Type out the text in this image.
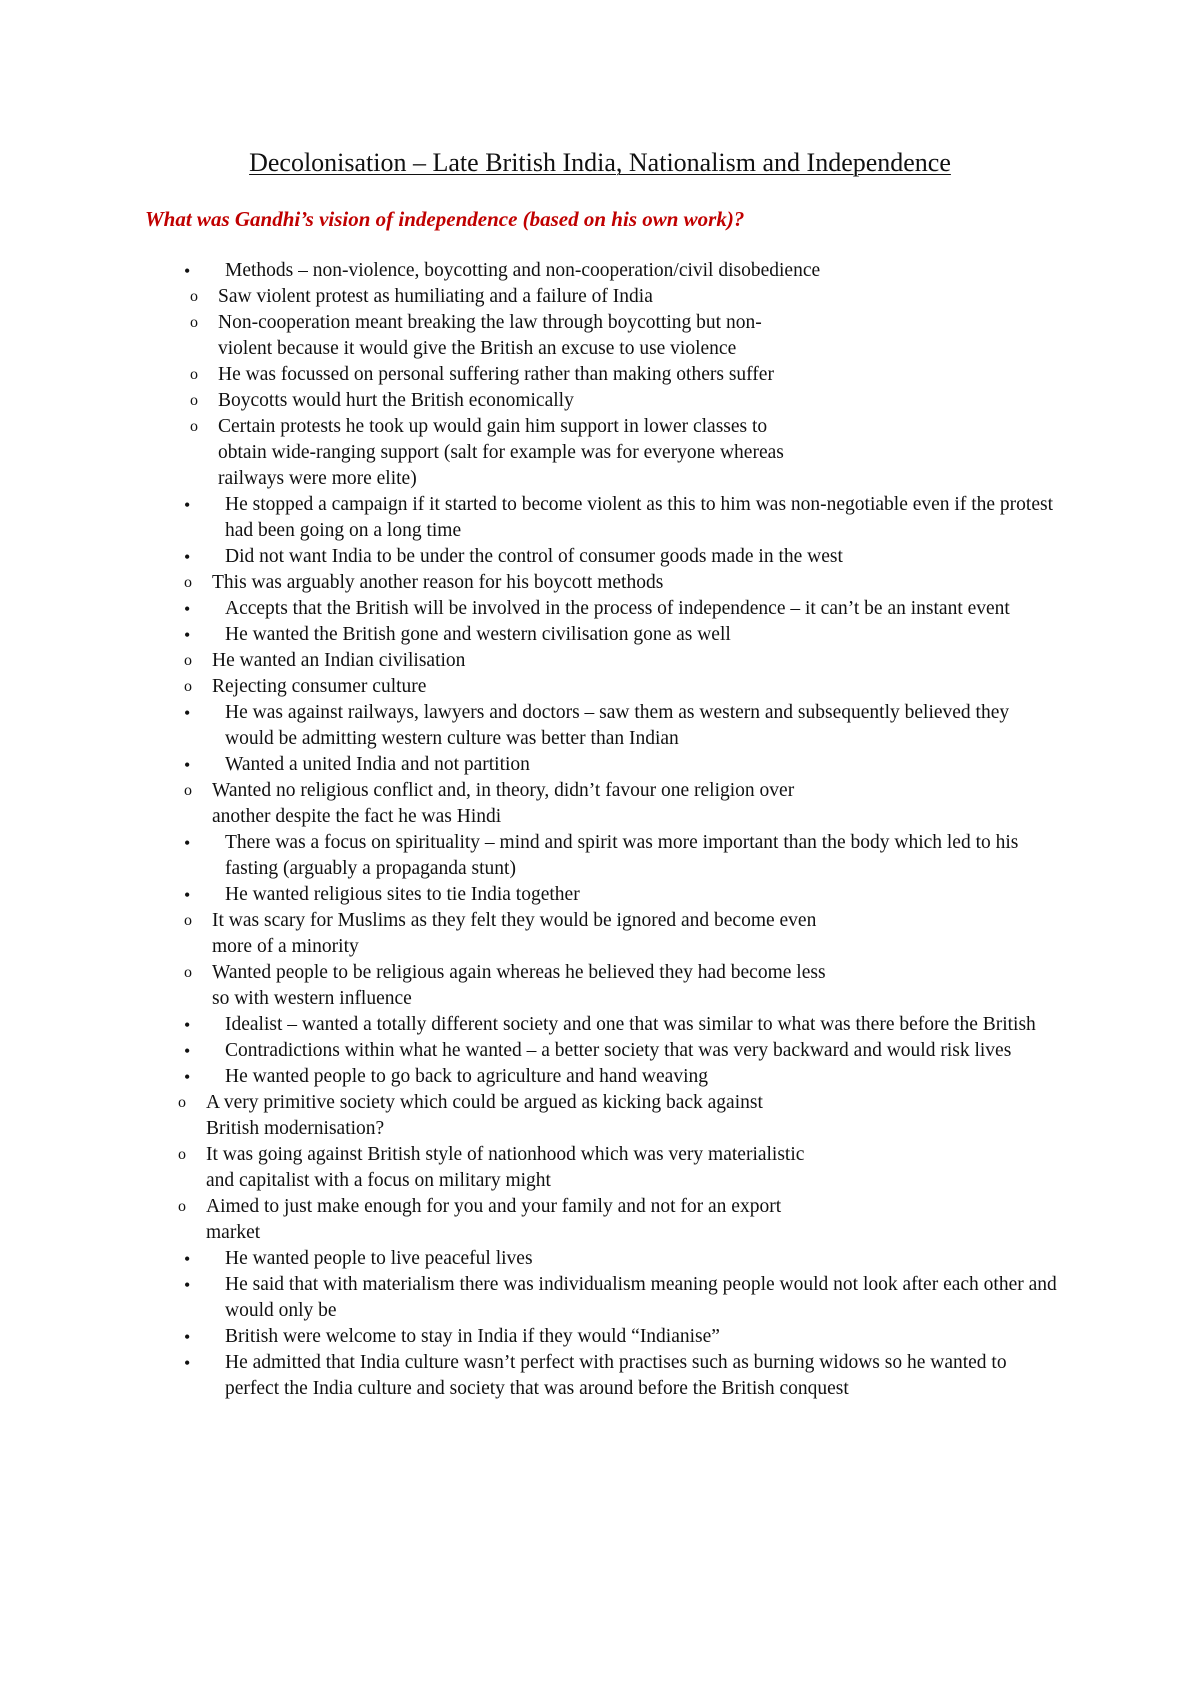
Decolonisation – Late British India, Nationalism and Independence
What was Gandhi’s vision of independence (based on his own work)?
• Methods – non-violence, boycotting and non-cooperation/civil disobedience
o Saw violent protest as humiliating and a failure of India
o Non-cooperation meant breaking the law through boycotting but non-violent because it would give the British an excuse to use violence
o He was focussed on personal suffering rather than making others suffer
o Boycotts would hurt the British economically
o Certain protests he took up would gain him support in lower classes to obtain wide-ranging support (salt for example was for everyone whereas railways were more elite)
• He stopped a campaign if it started to become violent as this to him was non-negotiable even if the protest had been going on a long time
• Did not want India to be under the control of consumer goods made in the west
o This was arguably another reason for his boycott methods
• Accepts that the British will be involved in the process of independence – it can’t be an instant event
• He wanted the British gone and western civilisation gone as well
o He wanted an Indian civilisation
o Rejecting consumer culture
• He was against railways, lawyers and doctors – saw them as western and subsequently believed they would be admitting western culture was better than Indian
• Wanted a united India and not partition
o Wanted no religious conflict and, in theory, didn’t favour one religion over another despite the fact he was Hindi
• There was a focus on spirituality – mind and spirit was more important than the body which led to his fasting (arguably a propaganda stunt)
• He wanted religious sites to tie India together
o It was scary for Muslims as they felt they would be ignored and become even more of a minority
o Wanted people to be religious again whereas he believed they had become less so with western influence
• Idealist – wanted a totally different society and one that was similar to what was there before the British
• Contradictions within what he wanted – a better society that was very backward and would risk lives
• He wanted people to go back to agriculture and hand weaving
o A very primitive society which could be argued as kicking back against British modernisation?
o It was going against British style of nationhood which was very materialistic and capitalist with a focus on military might
o Aimed to just make enough for you and your family and not for an export market
• He wanted people to live peaceful lives
• He said that with materialism there was individualism meaning people would not look after each other and would only be
• British were welcome to stay in India if they would “Indianise”
• He admitted that India culture wasn’t perfect with practises such as burning widows so he wanted to perfect the India culture and society that was around before the British conquest
